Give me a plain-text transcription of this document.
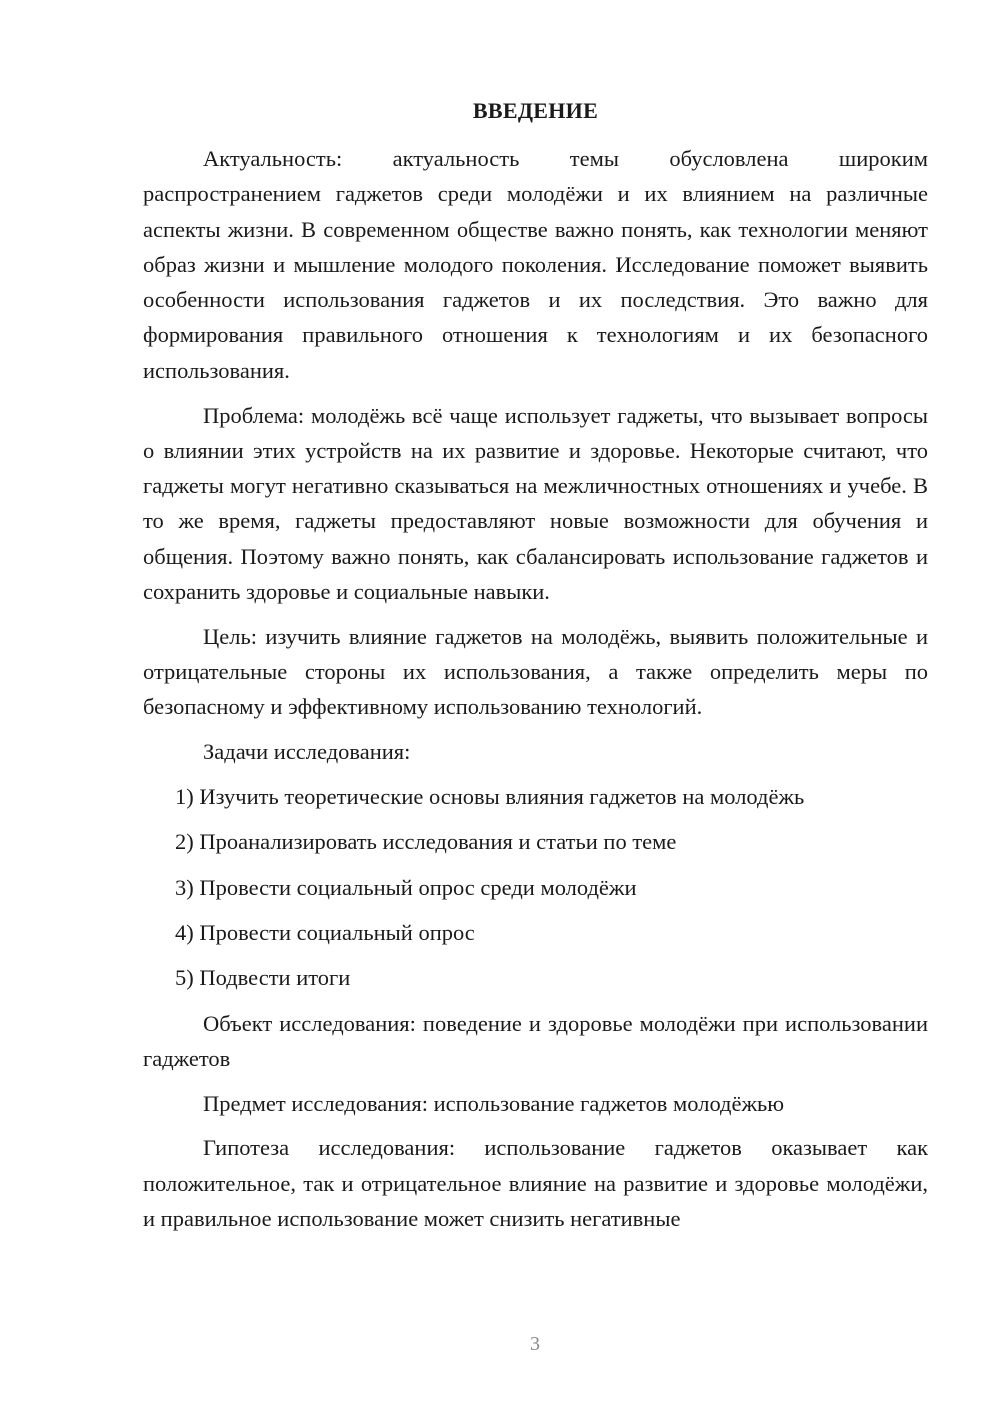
ВВЕДЕНИЕ

Актуальность: актуальность темы обусловлена широким распространением гаджетов среди молодёжи и их влиянием на различные аспекты жизни. В современном обществе важно понять, как технологии меняют образ жизни и мышление молодого поколения. Исследование поможет выявить особенности использования гаджетов и их последствия. Это важно для формирования правильного отношения к технологиям и их безопасного использования.

Проблема: молодёжь всё чаще использует гаджеты, что вызывает вопросы о влиянии этих устройств на их развитие и здоровье. Некоторые считают, что гаджеты могут негативно сказываться на межличностных отношениях и учебе. В то же время, гаджеты предоставляют новые возможности для обучения и общения. Поэтому важно понять, как сбалансировать использование гаджетов и сохранить здоровье и социальные навыки.

Цель: изучить влияние гаджетов на молодёжь, выявить положительные и отрицательные стороны их использования, а также определить меры по безопасному и эффективному использованию технологий.

Задачи исследования:

1) Изучить теоретические основы влияния гаджетов на молодёжь
2) Проанализировать исследования и статьи по теме
3) Провести социальный опрос среди молодёжи
4) Провести социальный опрос
5) Подвести итоги

Объект исследования: поведение и здоровье молодёжи при использовании гаджетов

Предмет исследования: использование гаджетов молодёжью

Гипотеза исследования: использование гаджетов оказывает как положительное, так и отрицательное влияние на развитие и здоровье молодёжи, и правильное использование может снизить негативные

3
